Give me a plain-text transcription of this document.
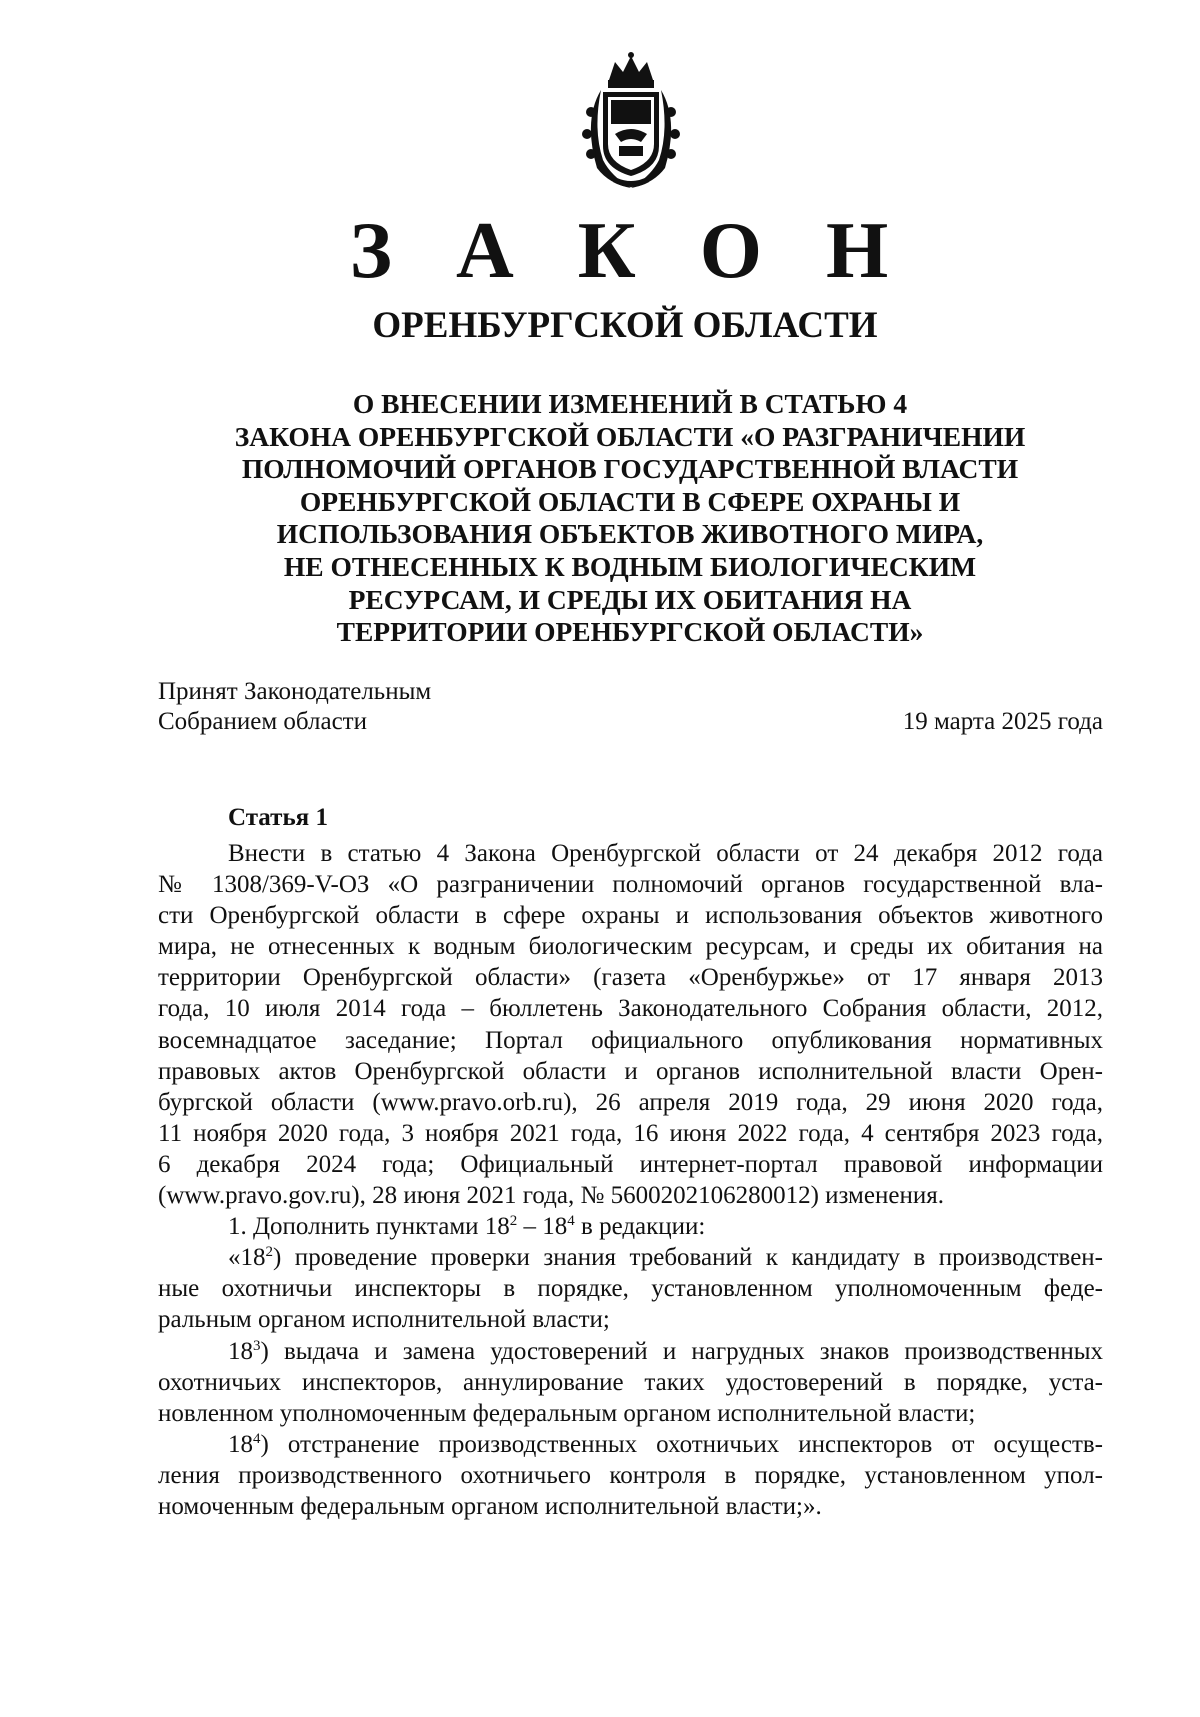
З А К О Н
ОРЕНБУРГСКОЙ ОБЛАСТИ
О ВНЕСЕНИИ ИЗМЕНЕНИЙ В СТАТЬЮ 4
ЗАКОНА ОРЕНБУРГСКОЙ ОБЛАСТИ «О РАЗГРАНИЧЕНИИ
ПОЛНОМОЧИЙ ОРГАНОВ ГОСУДАРСТВЕННОЙ ВЛАСТИ
ОРЕНБУРГСКОЙ ОБЛАСТИ В СФЕРЕ ОХРАНЫ И
ИСПОЛЬЗОВАНИЯ ОБЪЕКТОВ ЖИВОТНОГО МИРА,
НЕ ОТНЕСЕННЫХ К ВОДНЫМ БИОЛОГИЧЕСКИМ
РЕСУРСАМ, И СРЕДЫ ИХ ОБИТАНИЯ НА
ТЕРРИТОРИИ ОРЕНБУРГСКОЙ ОБЛАСТИ»
Принят Законодательным
Собранием области	19 марта 2025 года
Статья 1
Внести в статью 4 Закона Оренбургской области от 24 декабря 2012 года
№ 1308/369-V-ОЗ «О разграничении полномочий органов государственной вла-
сти Оренбургской области в сфере охраны и использования объектов животного
мира, не отнесенных к водным биологическим ресурсам, и среды их обитания на
территории Оренбургской области» (газета «Оренбуржье» от 17 января 2013
года, 10 июля 2014 года – бюллетень Законодательного Собрания области, 2012,
восемнадцатое заседание; Портал официального опубликования нормативных
правовых актов Оренбургской области и органов исполнительной власти Орен-
бургской области (www.pravo.orb.ru), 26 апреля 2019 года, 29 июня 2020 года,
11 ноября 2020 года, 3 ноября 2021 года, 16 июня 2022 года, 4 сентября 2023 года,
6 декабря 2024 года; Официальный интернет-портал правовой информации
(www.pravo.gov.ru), 28 июня 2021 года, № 5600202106280012) изменения.
1. Дополнить пунктами $18^2 - 18^4$ в редакции:
«$18^2$) проведение проверки знания требований к кандидату в производствен-
ные охотничьи инспекторы в порядке, установленном уполномоченным феде-
ральным органом исполнительной власти;
$18^3$) выдача и замена удостоверений и нагрудных знаков производственных
охотничьих инспекторов, аннулирование таких удостоверений в порядке, уста-
новленном уполномоченным федеральным органом исполнительной власти;
$18^4$) отстранение производственных охотничьих инспекторов от осуществ-
ления производственного охотничьего контроля в порядке, установленном упол-
номоченным федеральным органом исполнительной власти;».
